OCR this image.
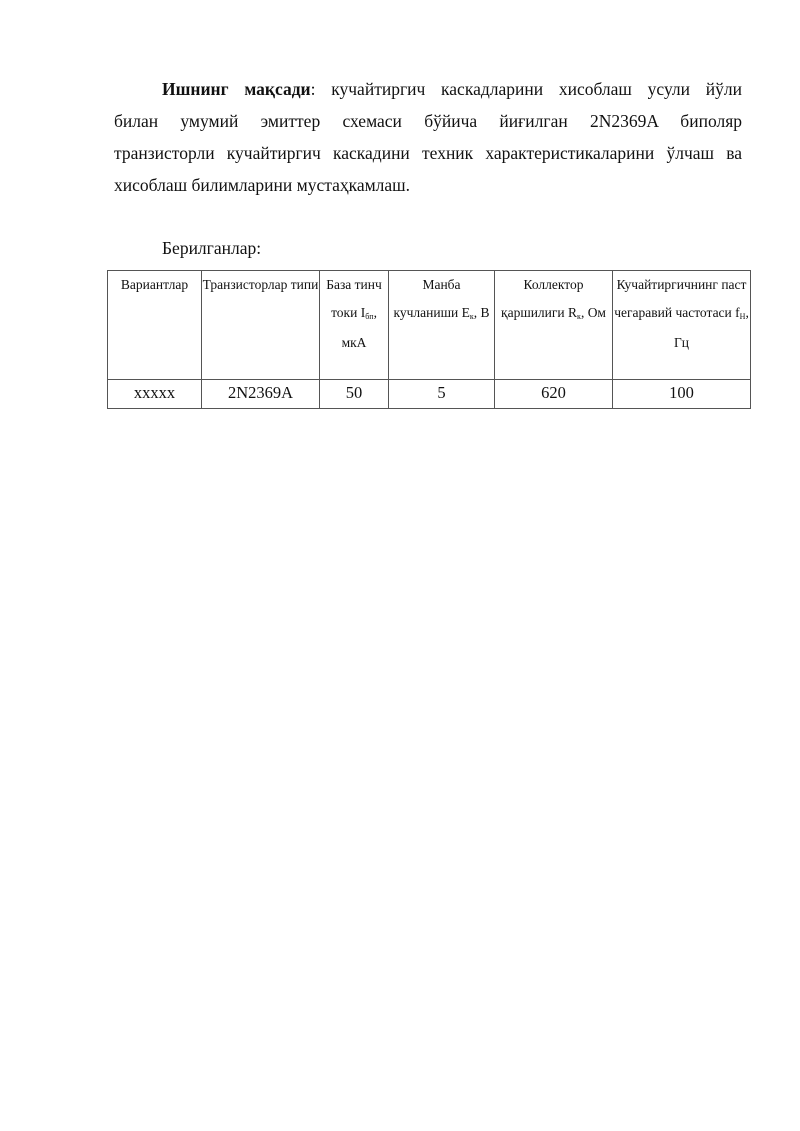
Ишнинг мақсади: кучайтиргич каскадларини хисоблаш усули йўли
билан умумий эмиттер схемаси бўйича йиғилган 2N2369A биполяр
транзисторли кучайтиргич каскадини техник характеристикаларини ўлчаш ва
хисоблаш билимларини мустаҳкамлаш.
Берилганлар:
Вариантлар	Транзисторлар типи	База тинч токи $I_{бп}$, мкА	Манба кучланиши $E_к$, В	Коллектор қаршилиги $R_к$, Ом	Кучайтиргичнинг паст чегаравий частотаси $f_Н$, Гц
ххххх	2N2369A	50	5	620	100
